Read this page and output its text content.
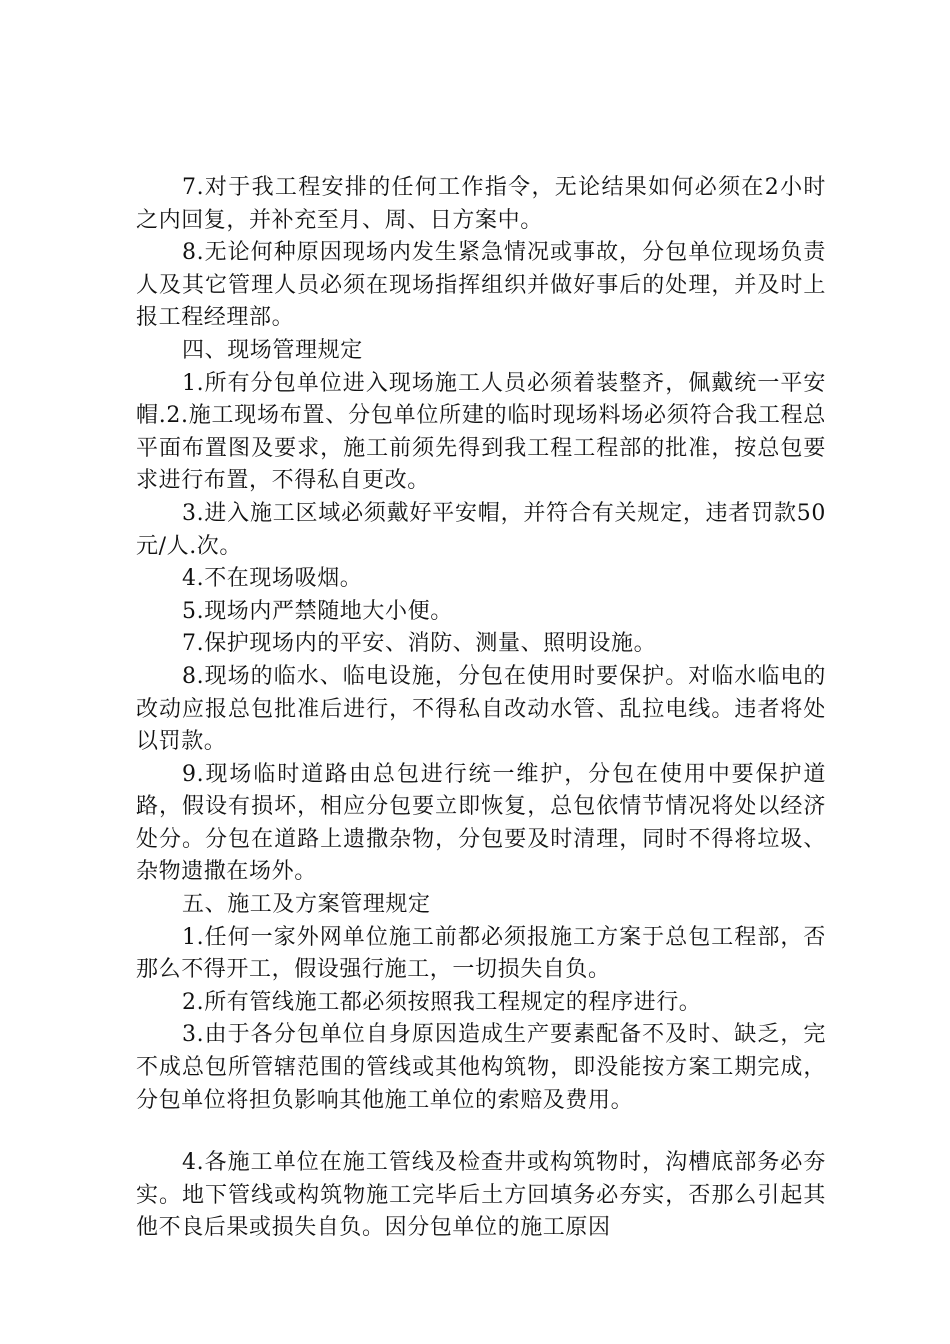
7.对于我工程安排的任何工作指令，无论结果如何必须在2小时之内回复，并补充至月、周、日方案中。

8.无论何种原因现场内发生紧急情况或事故，分包单位现场负责人及其它管理人员必须在现场指挥组织并做好事后的处理，并及时上报工程经理部。

四、现场管理规定

1.所有分包单位进入现场施工人员必须着装整齐，佩戴统一平安帽.2.施工现场布置、分包单位所建的临时现场料场必须符合我工程总平面布置图及要求，施工前须先得到我工程工程部的批准，按总包要求进行布置，不得私自更改。

3.进入施工区域必须戴好平安帽，并符合有关规定，违者罚款50元/人.次。

4.不在现场吸烟。

5.现场内严禁随地大小便。

7.保护现场内的平安、消防、测量、照明设施。

8.现场的临水、临电设施，分包在使用时要保护。对临水临电的改动应报总包批准后进行，不得私自改动水管、乱拉电线。违者将处以罚款。

9.现场临时道路由总包进行统一维护，分包在使用中要保护道路，假设有损坏，相应分包要立即恢复，总包依情节情况将处以经济处分。分包在道路上遗撒杂物，分包要及时清理，同时不得将垃圾、杂物遗撒在场外。

五、施工及方案管理规定

1.任何一家外网单位施工前都必须报施工方案于总包工程部，否那么不得开工，假设强行施工，一切损失自负。

2.所有管线施工都必须按照我工程规定的程序进行。

3.由于各分包单位自身原因造成生产要素配备不及时、缺乏，完不成总包所管辖范围的管线或其他构筑物，即没能按方案工期完成，分包单位将担负影响其他施工单位的索赔及费用。

4.各施工单位在施工管线及检查井或构筑物时，沟槽底部务必夯实。地下管线或构筑物施工完毕后土方回填务必夯实，否那么引起其他不良后果或损失自负。因分包单位的施工原因
